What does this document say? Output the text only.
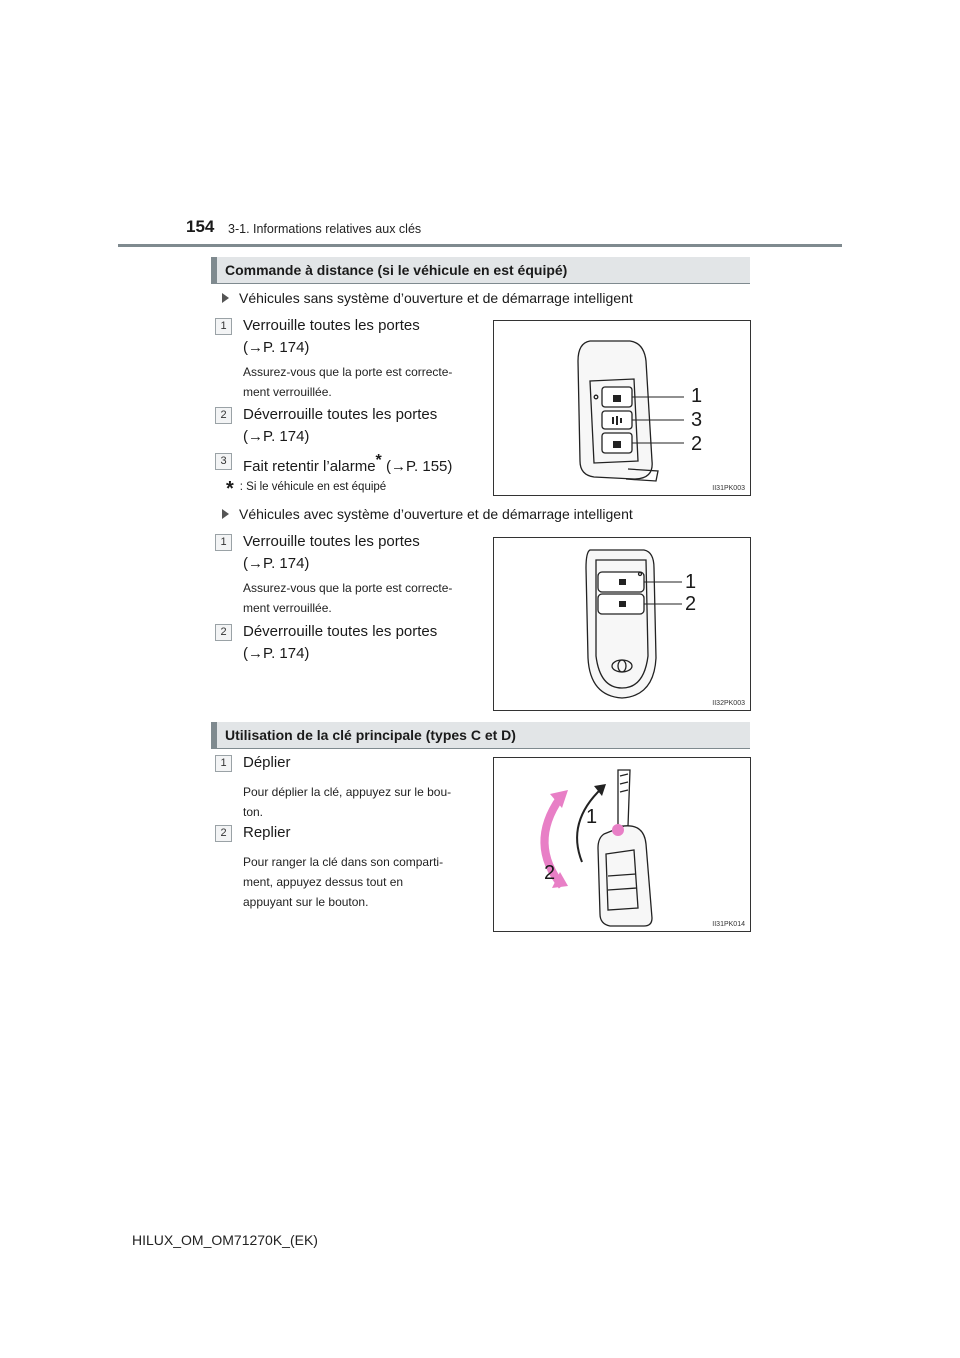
154 3-1. Informations relatives aux clés
Commande à distance (si le véhicule en est équipé)
Véhicules sans système d’ouverture et de démarrage intelligent
1	Verrouille toutes les portes
(→P. 174)
Assurez-vous que la porte est correcte-
ment verrouillée.
2	Déverrouille toutes les portes
(→P. 174)
3	Fait retentir l’alarme* (→P. 155)
* : Si le véhicule en est équipé
1
3
2
II31PK003
Véhicules avec système d’ouverture et de démarrage intelligent
1	Verrouille toutes les portes
(→P. 174)
Assurez-vous que la porte est correcte-
ment verrouillée.
2	Déverrouille toutes les portes
(→P. 174)
1
2
II32PK003
Utilisation de la clé principale (types C et D)
1	Déplier
Pour déplier la clé, appuyez sur le bou-
ton.
2	Replier
Pour ranger la clé dans son comparti-
ment, appuyez dessus tout en
appuyant sur le bouton.
1
2
II31PK014
HILUX_OM_OM71270K_(EK)
